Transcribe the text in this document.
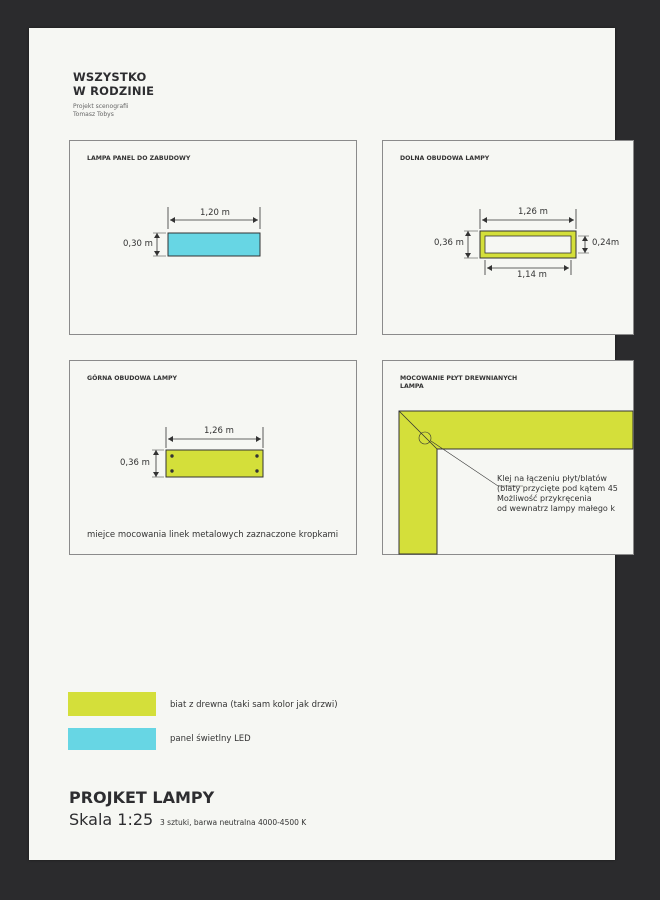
WSZYSTKO
W RODZINIE
Projekt scenografii
Tomasz Tobys
LAMPA PANEL DO ZABUDOWY
1,20 m
0,30 m
DOLNA OBUDOWA LAMPY
1,26 m
0,36 m	0,24m
1,14 m
GÓRNA OBUDOWA LAMPY
1,26 m
0,36 m
miejce mocowania linek metalowych zaznaczone kropkami
MOCOWANIE PŁYT DREWNIANYCH
LAMPA
Klej na łączeniu płyt/blatów
(blaty przycięte pod kątem 45
Możliwość przykręcenia
od wewnatrz lampy małego k
biat z drewna (taki sam kolor jak drzwi)
panel świetlny LED
PROJKET LAMPY
Skala 1:25 3 sztuki, barwa neutralna 4000-4500 K
